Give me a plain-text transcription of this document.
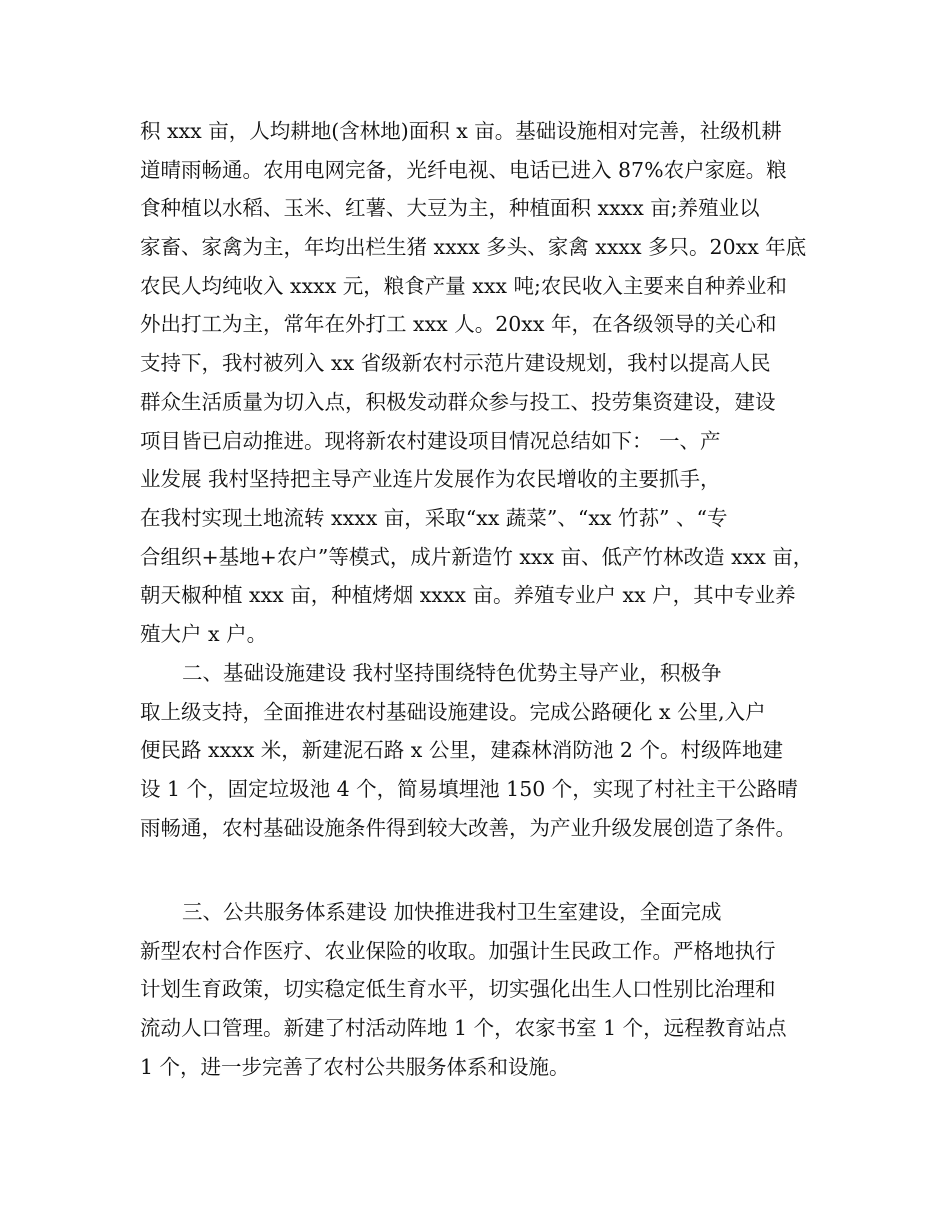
积 xxx 亩，人均耕地(含林地)面积 x 亩。基础设施相对完善，社级机耕
道晴雨畅通。农用电网完备，光纤电视、电话已进入 87%农户家庭。粮
食种植以水稻、玉米、红薯、大豆为主，种植面积 xxxx 亩;养殖业以
家畜、家禽为主，年均出栏生猪 xxxx 多头、家禽 xxxx 多只。20xx 年底
农民人均纯收入 xxxx 元，粮食产量 xxx 吨;农民收入主要来自种养业和
外出打工为主，常年在外打工 xxx 人。20xx 年，在各级领导的关心和
支持下，我村被列入 xx 省级新农村示范片建设规划，我村以提高人民
群众生活质量为切入点，积极发动群众参与投工、投劳集资建设，建设
项目皆已启动推进。现将新农村建设项目情况总结如下： 一、产
业发展 我村坚持把主导产业连片发展作为农民增收的主要抓手，
在我村实现土地流转 xxxx 亩，采取“xx 蔬菜”、“xx 竹荪” 、“专
合组织+基地+农户”等模式，成片新造竹 xxx 亩、低产竹林改造 xxx 亩，
朝天椒种植 xxx 亩，种植烤烟 xxxx 亩。养殖专业户 xx 户，其中专业养
殖大户 x 户。
二、基础设施建设 我村坚持围绕特色优势主导产业，积极争
取上级支持，全面推进农村基础设施建设。完成公路硬化 x 公里,入户
便民路 xxxx 米，新建泥石路 x 公里，建森林消防池 2 个。村级阵地建
设 1 个，固定垃圾池 4 个，简易填埋池 150 个，实现了村社主干公路晴
雨畅通，农村基础设施条件得到较大改善，为产业升级发展创造了条件。
三、公共服务体系建设 加快推进我村卫生室建设，全面完成
新型农村合作医疗、农业保险的收取。加强计生民政工作。严格地执行
计划生育政策，切实稳定低生育水平，切实强化出生人口性别比治理和
流动人口管理。新建了村活动阵地 1 个，农家书室 1 个，远程教育站点
1 个，进一步完善了农村公共服务体系和设施。
